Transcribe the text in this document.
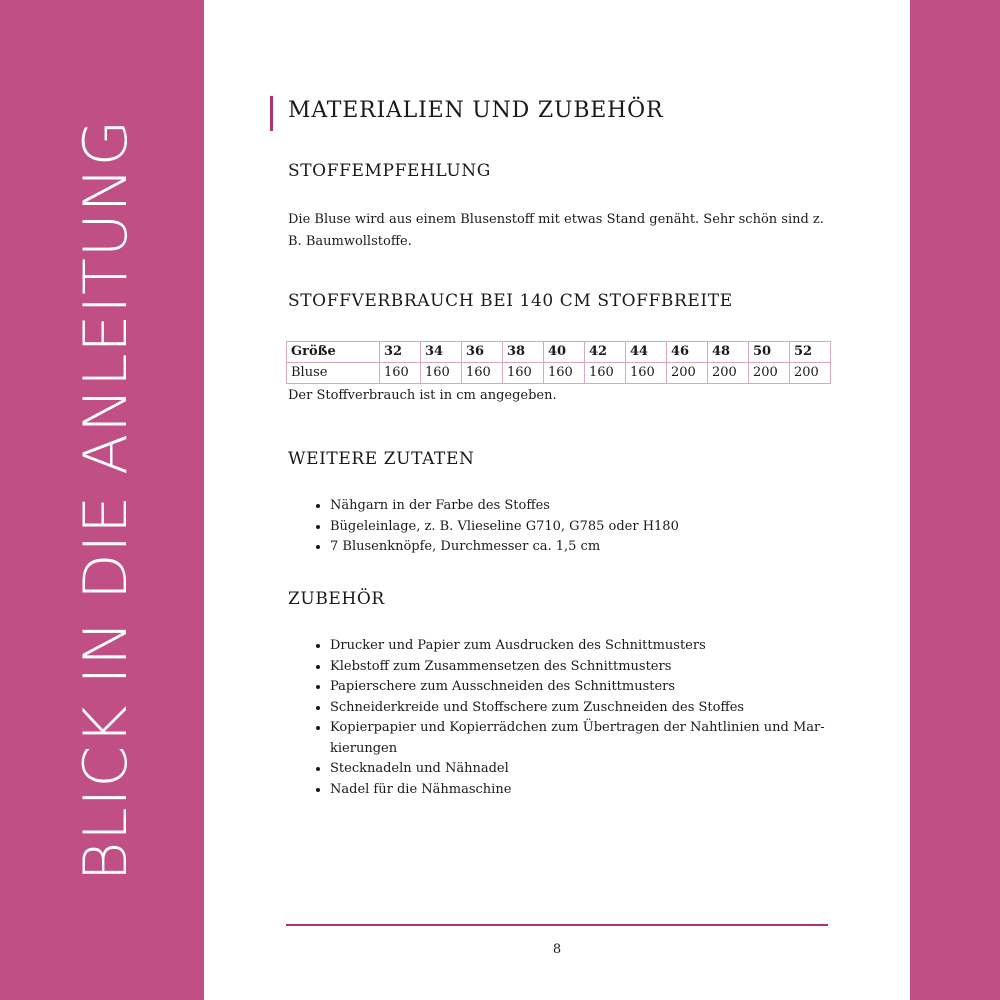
BLICK IN DIE ANLEITUNG
MATERIALIEN UND ZUBEHÖR
STOFFEMPFEHLUNG

Die Bluse wird aus einem Blusenstoff mit etwas Stand genäht. Sehr schön sind z. B. Baumwollstoffe.

STOFFVERBRAUCH BEI 140 CM STOFFBREITE
Größe	32	34	36	38	40	42	44	46	48	50	52
Bluse	160	160	160	160	160	160	160	200	200	200	200

Der Stoffverbrauch ist in cm angegeben.

WEITERE ZUTATEN
• Nähgarn in der Farbe des Stoffes
• Bügeleinlage, z. B. Vlieseline G710, G785 oder H180
• 7 Blusenknöpfe, Durchmesser ca. 1,5 cm
ZUBEHÖR
• Drucker und Papier zum Ausdrucken des Schnittmusters
• Klebstoff zum Zusammensetzen des Schnittmusters
• Papierschere zum Ausschneiden des Schnittmusters
• Schneiderkreide und Stoffschere zum Zuschneiden des Stoffes
• Kopierpapier und Kopierrädchen zum Übertragen der Nahtlinien und Mar-kierungen
• Stecknadeln und Nähnadel
• Nadel für die Nähmaschine
8
